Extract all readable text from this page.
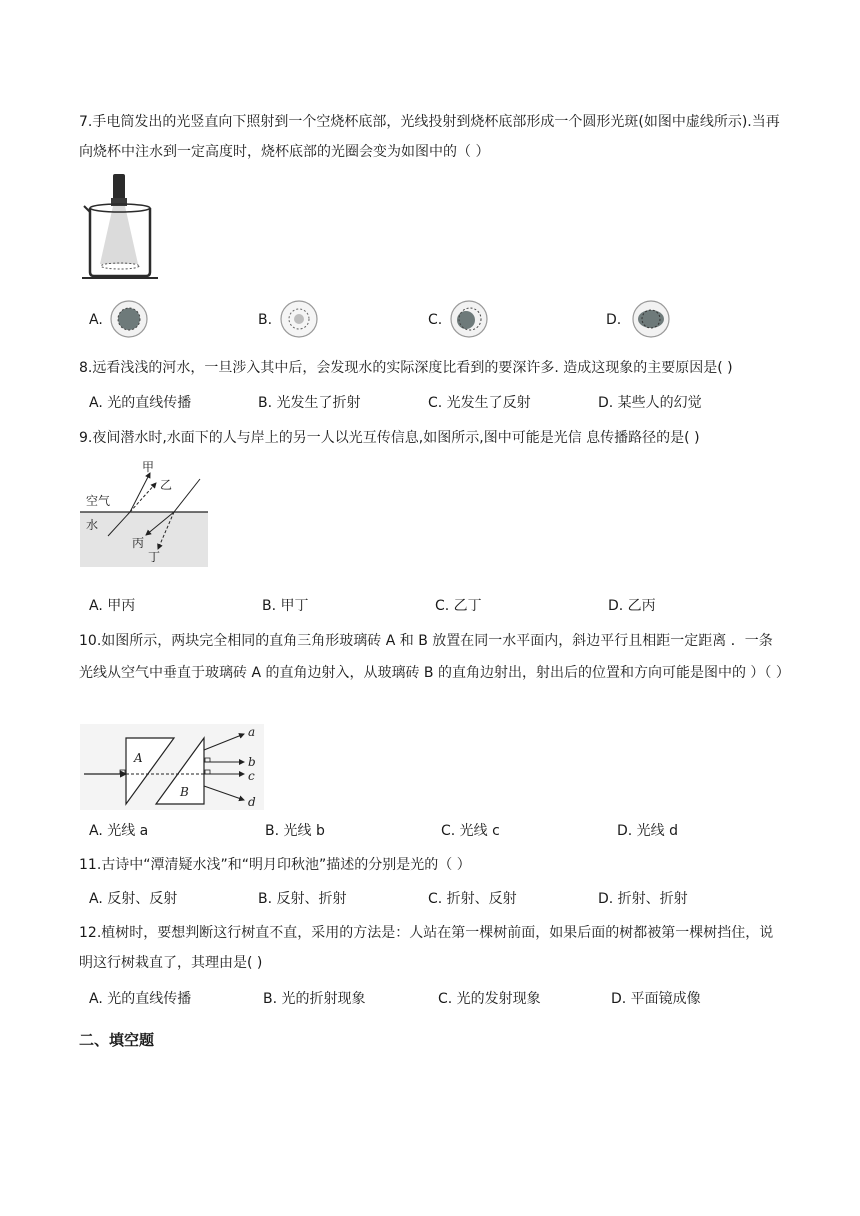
7.手电筒发出的光竖直向下照射到一个空烧杯底部，光线投射到烧杯底部形成一个圆形光斑(如图中虚线所示).当再向烧杯中注水到一定高度时，烧杯底部的光圈会变为如图中的（ ）
A.	B.	C.	D.
8.远看浅浅的河水，一旦涉入其中后，会发现水的实际深度比看到的要深许多. 造成这现象的主要原因是( )
A. 光的直线传播	B. 光发生了折射	C. 光发生了反射	D. 某些人的幻觉
9.夜间潜水时,水面下的人与岸上的另一人以光互传信息,如图所示,图中可能是光信 息传播路径的是( )
甲
乙
空气
水
丙
丁
A. 甲丙	B. 甲丁	C. 乙丁	D. 乙丙
10.如图所示，两块完全相同的直角三角形玻璃砖 A 和 B 放置在同一水平面内，斜边平行且相距一定距离 ．一条光线从空气中垂直于玻璃砖 A 的直角边射入，从玻璃砖 B 的直角边射出，射出后的位置和方向可能是图中的 ）（ ）
A
B
a
b
c
d
A. 光线 a	B. 光线 b	C. 光线 c	D. 光线 d
11.古诗中“潭清疑水浅”和“明月印秋池”描述的分别是光的（ ）
A. 反射、反射	B. 反射、折射	C. 折射、反射	D. 折射、折射
12.植树时，要想判断这行树直不直，采用的方法是：人站在第一棵树前面，如果后面的树都被第一棵树挡住，说明这行树栽直了，其理由是( )
A. 光的直线传播	B. 光的折射现象	C. 光的发射现象	D. 平面镜成像
二、填空题
